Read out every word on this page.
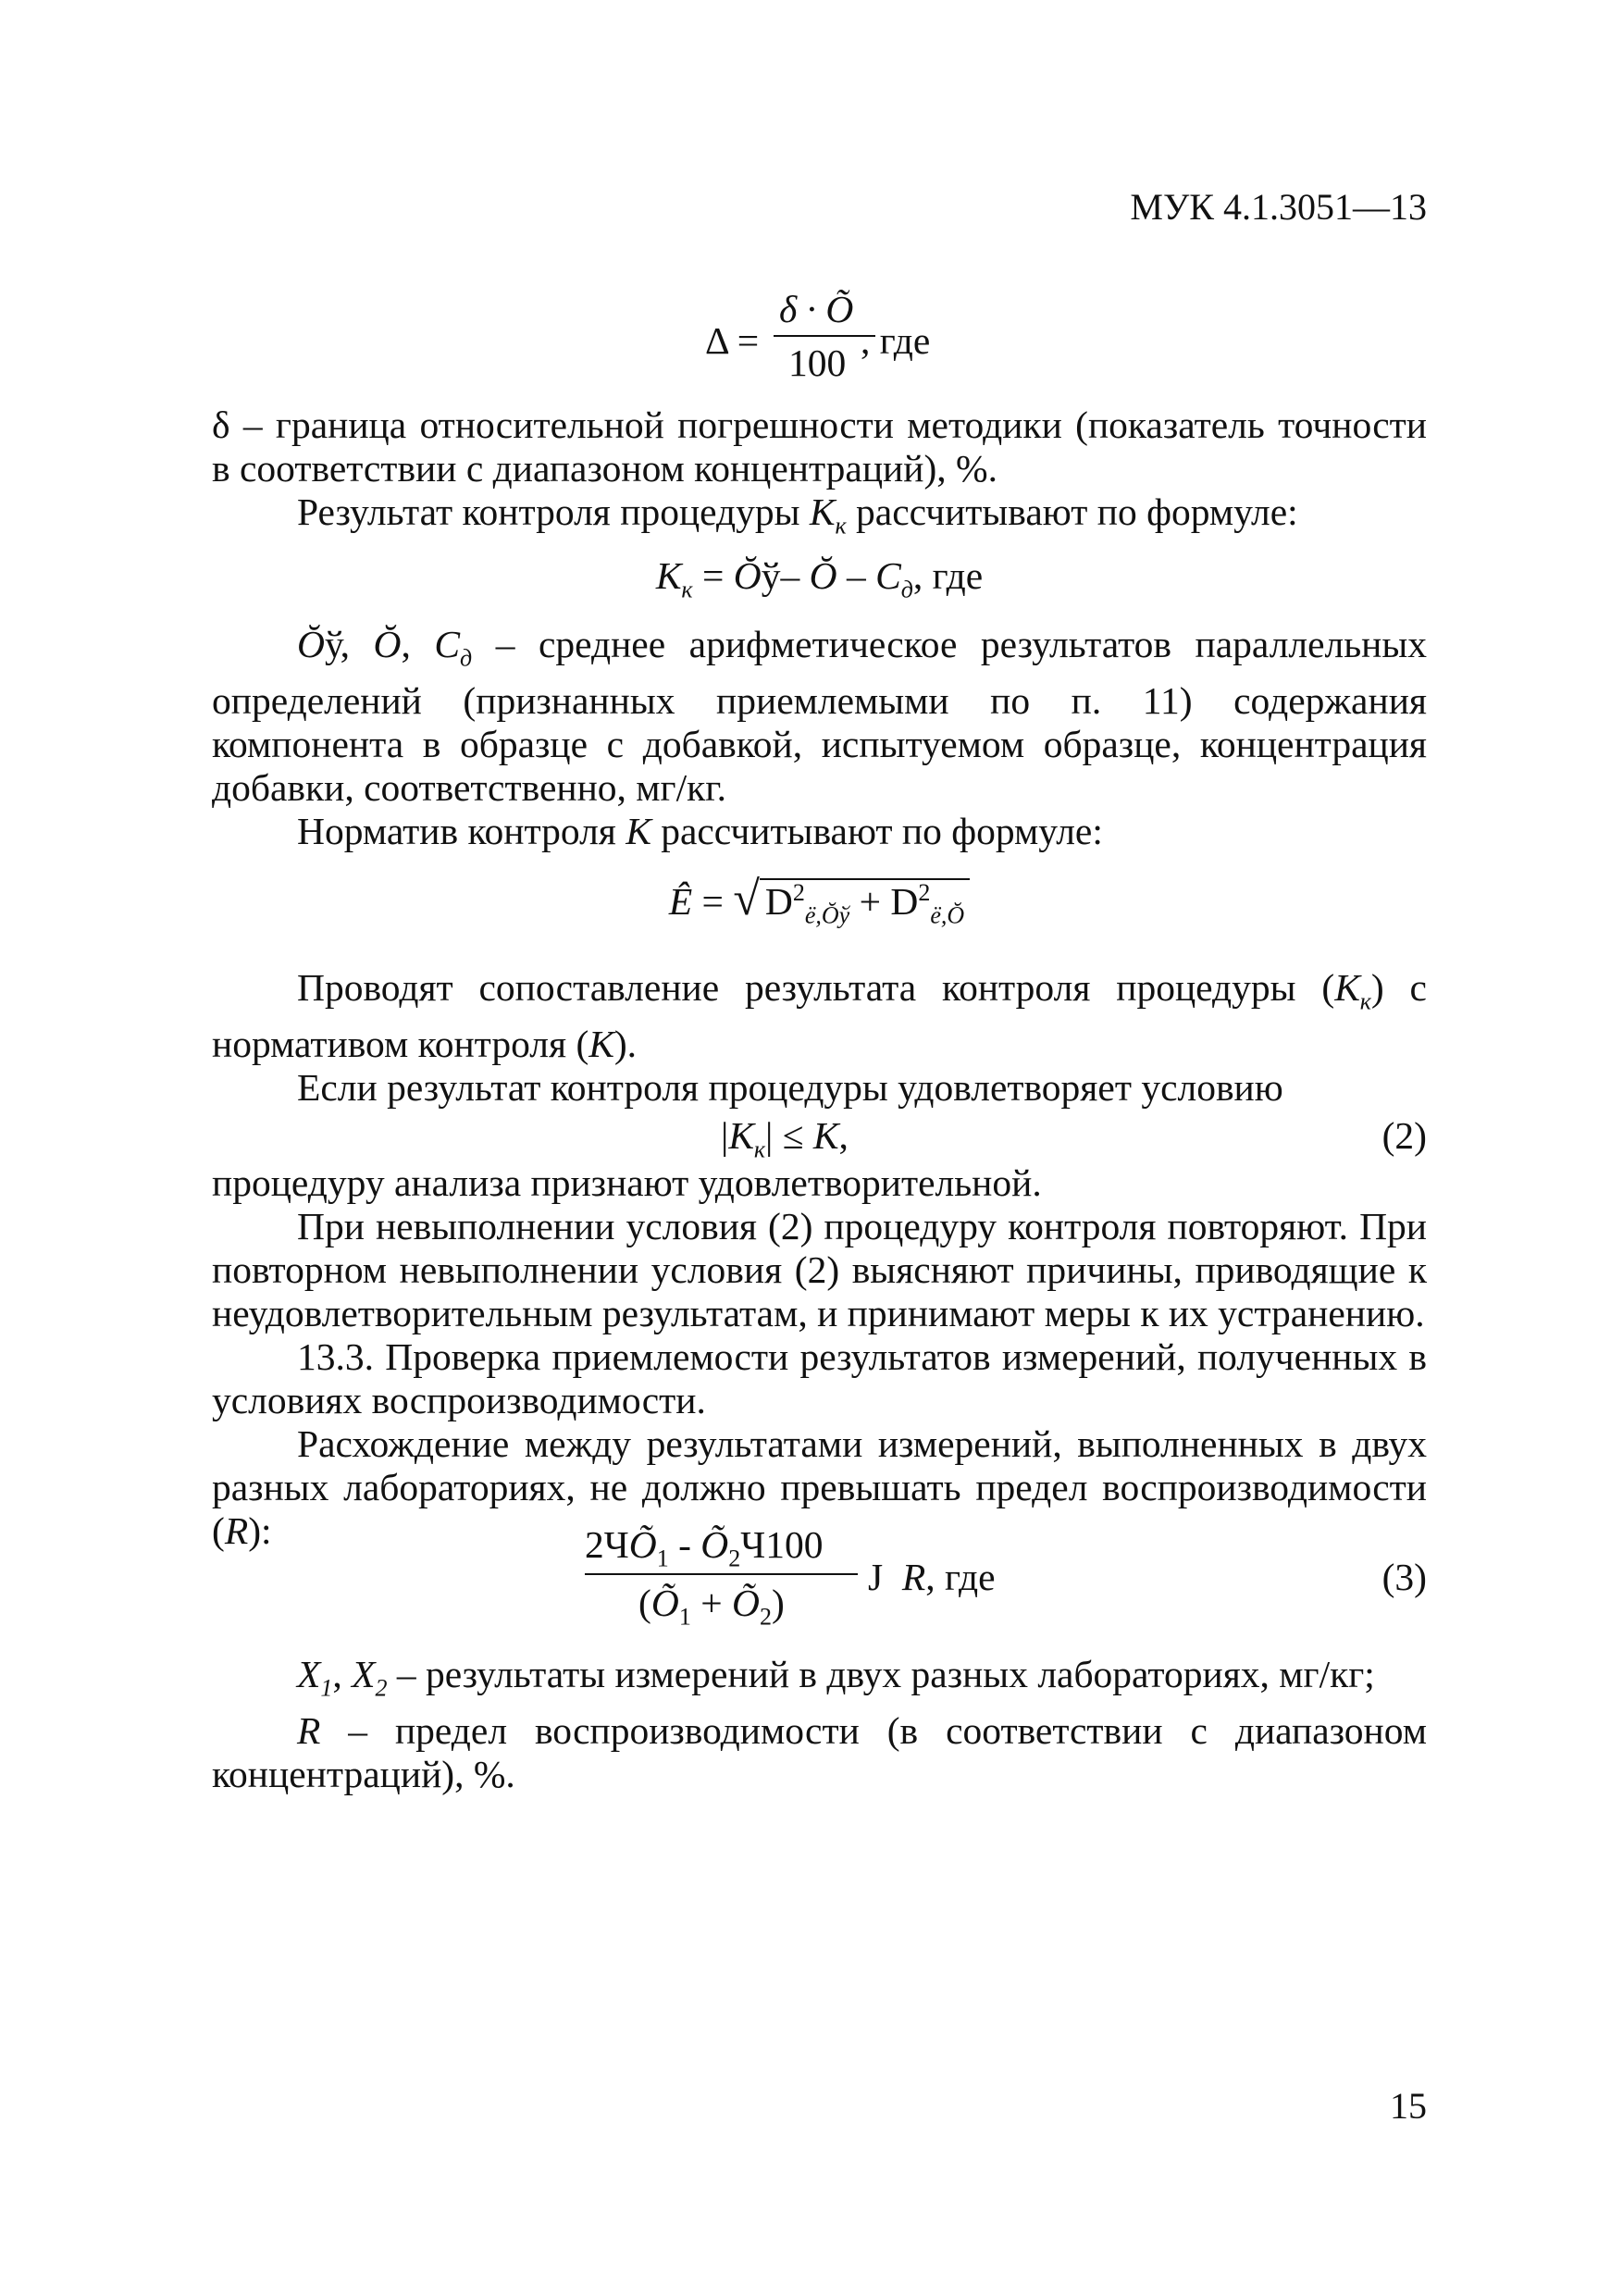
МУК 4.1.3051—13
Δ =
δ · Õ
100
, где

δ – граница относительной погрешности методики (показатель точности в соответствии с диапазоном концентраций), %.

Результат контроля процедуры $К_к$ рассчитывают по формуле:

$К_к$ = Ŏў– Ŏ – $С_д$, где

Ŏў, Ŏ, $С_д$ – среднее арифметическое результатов параллельных определений (признанных приемлемыми по п. 11) содержания компонента в образце с добавкой, испытуемом образце, концентрация добавки, соответственно, мг/кг.

Норматив контроля К рассчитывают по формуле:

Ê = √ $D^2_{ё,Ŏў} + D^2_{ё,Ŏ}$

Проводят сопоставление результата контроля процедуры $(К_к)$ с нормативом контроля (К).

Если результат контроля процедуры удовлетворяет условию

$|К_к| \le К$,	(2)

процедуру анализа признают удовлетворительной.

При невыполнении условия (2) процедуру контроля повторяют. При повторном невыполнении условия (2) выясняют причины, приводящие к неудовлетворительным результатам, и принимают меры к их устранению.

13.3. Проверка приемлемости результатов измерений, полученных в условиях воспроизводимости.

Расхождение между результатами измерений, выполненных в двух разных лабораториях, не должно превышать предел воспроизводимости (R):	$2ЧÕ_1$ - $Õ_2Ч100$
($Õ_1$ + $Õ_2$)
J R, где	(3)

$X_1$, $X_2$ – результаты измерений в двух разных лабораториях, мг/кг;

R – предел воспроизводимости (в соответствии с диапазоном концентраций), %.

15
